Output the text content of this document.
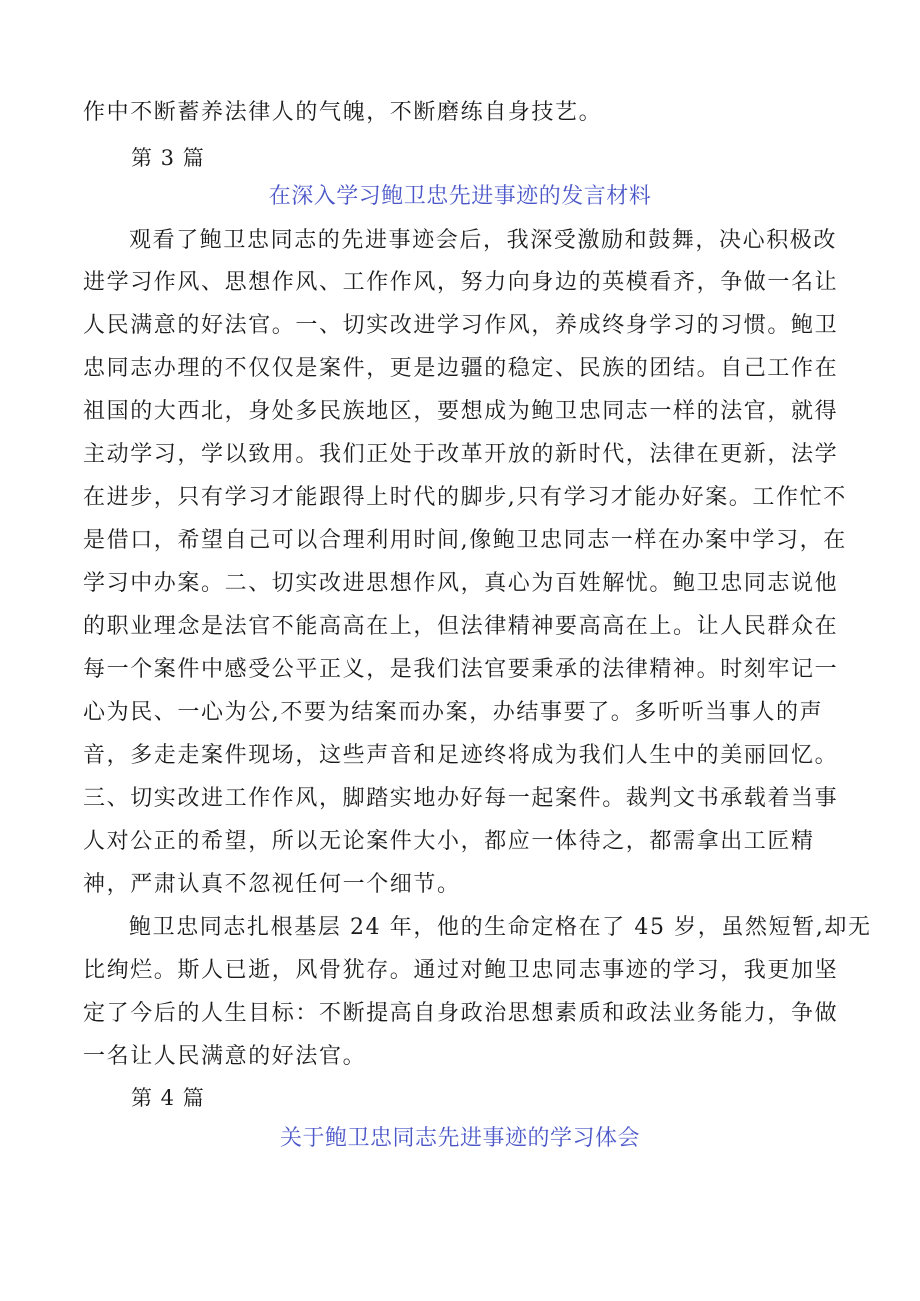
作中不断蓄养法律人的气魄，不断磨练自身技艺。
第 3 篇
在深入学习鲍卫忠先进事迹的发言材料
观看了鲍卫忠同志的先进事迹会后，我深受激励和鼓舞，决心积极改
进学习作风、思想作风、工作作风，努力向身边的英模看齐，争做一名让
人民满意的好法官。一、切实改进学习作风，养成终身学习的习惯。鲍卫
忠同志办理的不仅仅是案件，更是边疆的稳定、民族的团结。自己工作在
祖国的大西北，身处多民族地区，要想成为鲍卫忠同志一样的法官，就得
主动学习，学以致用。我们正处于改革开放的新时代，法律在更新，法学
在进步，只有学习才能跟得上时代的脚步,只有学习才能办好案。工作忙不
是借口，希望自己可以合理利用时间,像鲍卫忠同志一样在办案中学习，在
学习中办案。二、切实改进思想作风，真心为百姓解忧。鲍卫忠同志说他
的职业理念是法官不能高高在上，但法律精神要高高在上。让人民群众在
每一个案件中感受公平正义，是我们法官要秉承的法律精神。时刻牢记一
心为民、一心为公,不要为结案而办案，办结事要了。多听听当事人的声
音，多走走案件现场，这些声音和足迹终将成为我们人生中的美丽回忆。
三、切实改进工作作风，脚踏实地办好每一起案件。裁判文书承载着当事
人对公正的希望，所以无论案件大小，都应一体待之，都需拿出工匠精
神，严肃认真不忽视任何一个细节。
鲍卫忠同志扎根基层 24 年，他的生命定格在了 45 岁，虽然短暂,却无
比绚烂。斯人已逝，风骨犹存。通过对鲍卫忠同志事迹的学习，我更加坚
定了今后的人生目标：不断提高自身政治思想素质和政法业务能力，争做
一名让人民满意的好法官。
第 4 篇
关于鲍卫忠同志先进事迹的学习体会
